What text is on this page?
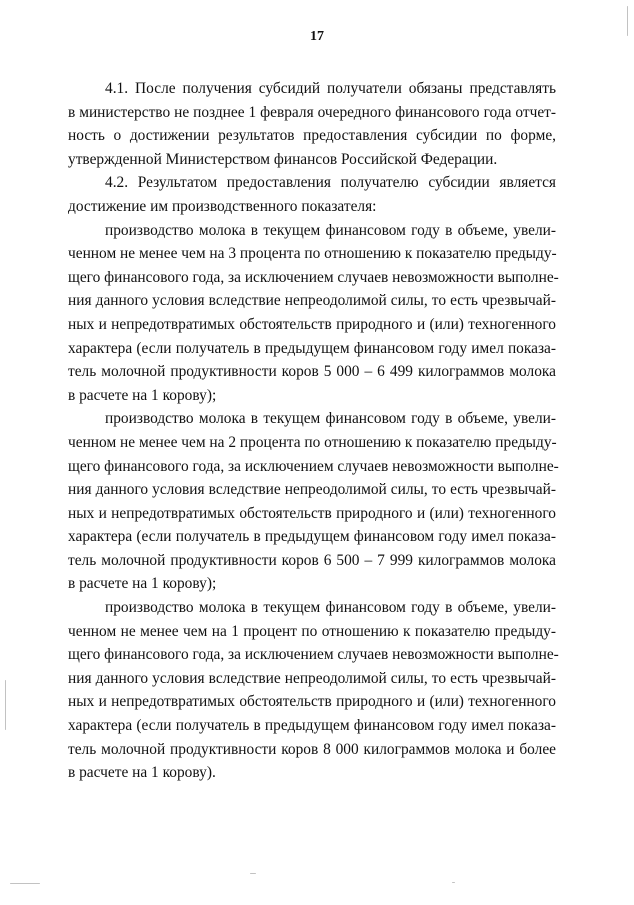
17

4.1. После получения субсидий получатели обязаны представлять
в министерство не позднее 1 февраля очередного финансового года отчет-
ность о достижении результатов предоставления субсидии по форме,
утвержденной Министерством финансов Российской Федерации.

4.2. Результатом предоставления получателю субсидии является
достижение им производственного показателя:

производство молока в текущем финансовом году в объеме, увели-
ченном не менее чем на 3 процента по отношению к показателю предыду-
щего финансового года, за исключением случаев невозможности выполне-
ния данного условия вследствие непреодолимой силы, то есть чрезвычай-
ных и непредотвратимых обстоятельств природного и (или) техногенного
характера (если получатель в предыдущем финансовом году имел показа-
тель молочной продуктивности коров 5 000 – 6 499 килограммов молока
в расчете на 1 корову);

производство молока в текущем финансовом году в объеме, увели-
ченном не менее чем на 2 процента по отношению к показателю предыду-
щего финансового года, за исключением случаев невозможности выполне-
ния данного условия вследствие непреодолимой силы, то есть чрезвычай-
ных и непредотвратимых обстоятельств природного и (или) техногенного
характера (если получатель в предыдущем финансовом году имел показа-
тель молочной продуктивности коров 6 500 – 7 999 килограммов молока
в расчете на 1 корову);

производство молока в текущем финансовом году в объеме, увели-
ченном не менее чем на 1 процент по отношению к показателю предыду-
щего финансового года, за исключением случаев невозможности выполне-
ния данного условия вследствие непреодолимой силы, то есть чрезвычай-
ных и непредотвратимых обстоятельств природного и (или) техногенного
характера (если получатель в предыдущем финансовом году имел показа-
тель молочной продуктивности коров 8 000 килограммов молока и более
в расчете на 1 корову).
